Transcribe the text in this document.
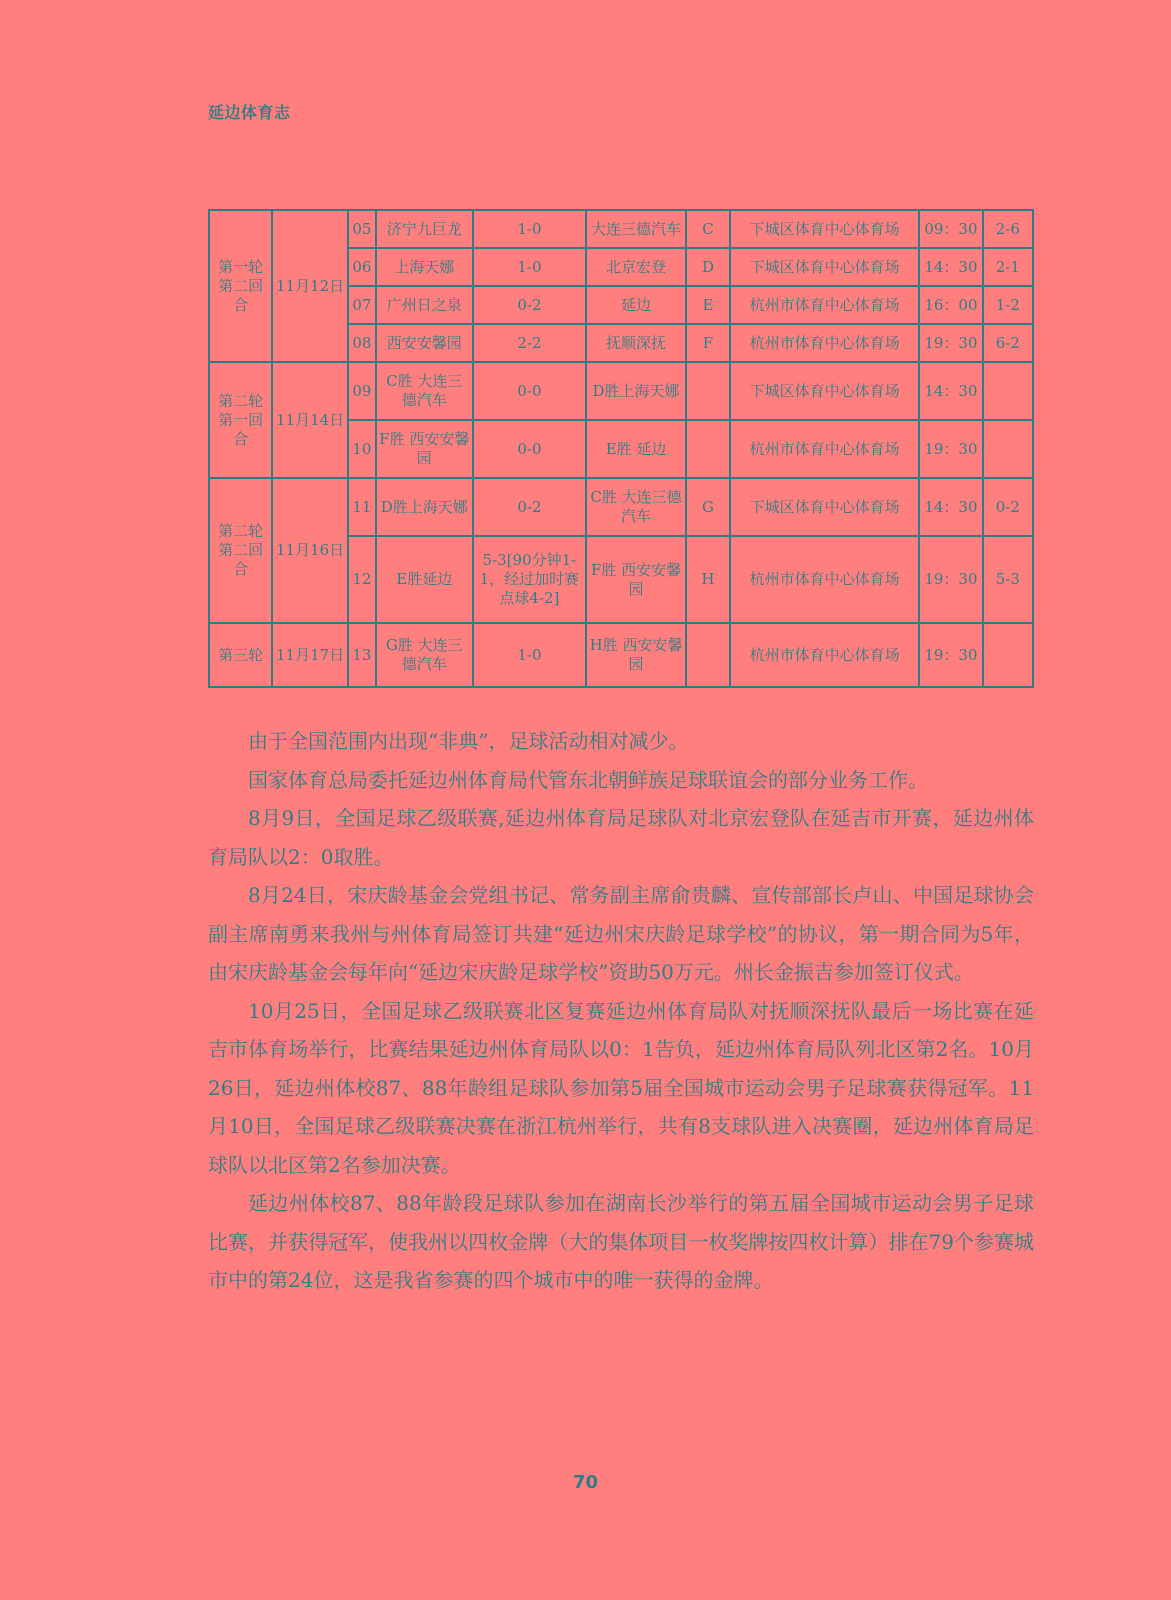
延边体育志
第一轮第二回合	11月12日	05	济宁九巨龙	1-0	大连三德汽车	C	下城区体育中心体育场	09：30	2-6
		06	上海天娜	1-0	北京宏登	D	下城区体育中心体育场	14：30	2-1
		07	广州日之泉	0-2	延边	E	杭州市体育中心体育场	16：00	1-2
		08	西安安馨园	2-2	抚顺深抚	F	杭州市体育中心体育场	19：30	6-2
第二轮第一回合	11月14日	09	C胜 大连三德汽车	0-0	D胜上海天娜		下城区体育中心体育场	14：30	
		10	F胜 西安安馨园	0-0	E胜 延边		杭州市体育中心体育场	19：30	
第二轮第二回合	11月16日	11	D胜上海天娜	0-2	C胜 大连三德汽车	G	下城区体育中心体育场	14：30	0-2
		12	E胜延边	5-3[90分钟1-1，经过加时赛点球4-2]	F胜 西安安馨园	H	杭州市体育中心体育场	19：30	5-3
第三轮	11月17日	13	G胜 大连三德汽车	1-0	H胜 西安安馨园		杭州市体育中心体育场	19：30	

由于全国范围内出现“非典”，足球活动相对减少。

国家体育总局委托延边州体育局代管东北朝鲜族足球联谊会的部分业务工作。

8月9日，全国足球乙级联赛,延边州体育局足球队对北京宏登队在延吉市开赛，延边州体育局队以2：0取胜。

8月24日，宋庆龄基金会党组书记、常务副主席俞贵麟、宣传部部长卢山、中国足球协会副主席南勇来我州与州体育局签订共建“延边州宋庆龄足球学校”的协议，第一期合同为5年，由宋庆龄基金会每年向“延边宋庆龄足球学校”资助50万元。州长金振吉参加签订仪式。

10月25日，全国足球乙级联赛北区复赛延边州体育局队对抚顺深抚队最后一场比赛在延吉市体育场举行，比赛结果延边州体育局队以0：1告负，延边州体育局队列北区第2名。10月26日，延边州体校87、88年龄组足球队参加第5届全国城市运动会男子足球赛获得冠军。11月10日，全国足球乙级联赛决赛在浙江杭州举行，共有8支球队进入决赛圈，延边州体育局足球队以北区第2名参加决赛。

延边州体校87、88年龄段足球队参加在湖南长沙举行的第五届全国城市运动会男子足球比赛，并获得冠军，使我州以四枚金牌（大的集体项目一枚奖牌按四枚计算）排在79个参赛城市中的第24位，这是我省参赛的四个城市中的唯一获得的金牌。

70
